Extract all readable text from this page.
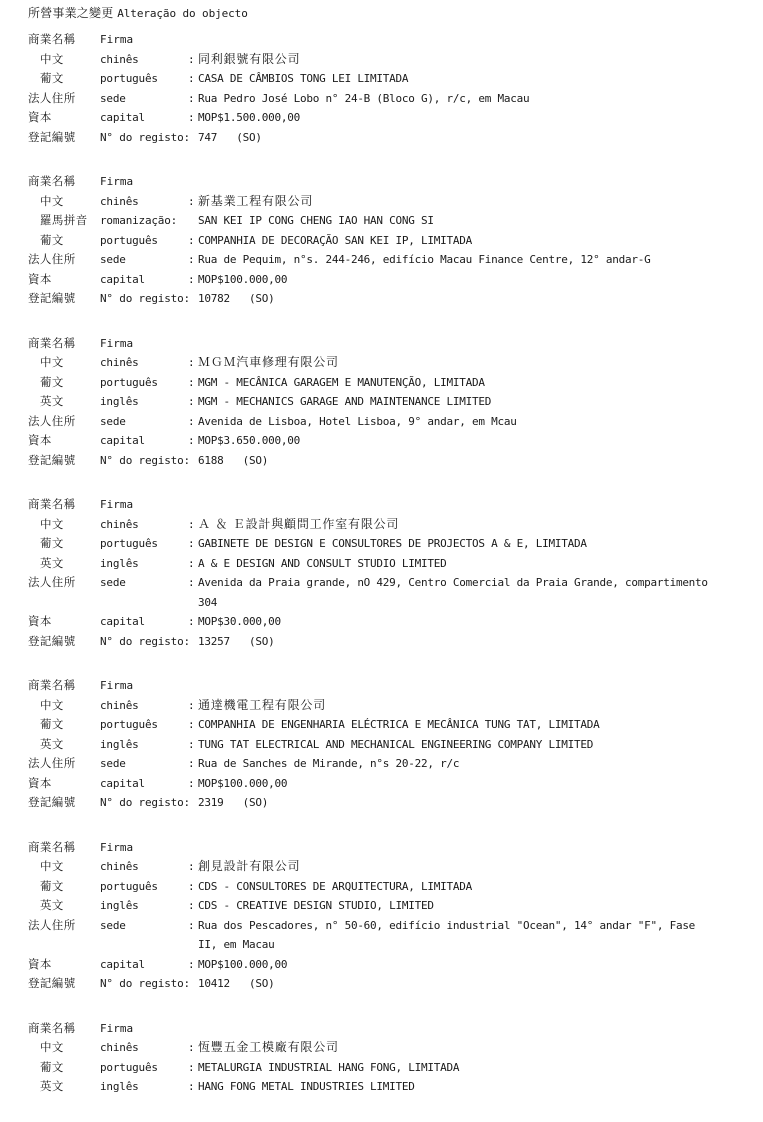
所營事業之變更 Alteração do objecto
商業名稱	Firma
中文	chinês	: 同利銀號有限公司
葡文	português	: CASA DE CÂMBIOS TONG LEI LIMITADA
法人住所	sede	: Rua Pedro José Lobo n° 24-B (Bloco G), r/c, em Macau
資本	capital	: MOP$1.500.000,00
登記編號	N° do registo: 747   (SO)
商業名稱	Firma
中文	chinês	: 新基業工程有限公司
羅馬拼音	romanização:	SAN KEI IP CONG CHENG IAO HAN CONG SI
葡文	português	: COMPANHIA DE DECORAÇÃO SAN KEI IP, LIMITADA
法人住所	sede	: Rua de Pequim, n°s. 244-246, edifício Macau Finance Centre, 12° andar-G
資本	capital	: MOP$100.000,00
登記編號	N° do registo: 10782   (SO)
商業名稱	Firma
中文	chinês	: ＭＧＭ汽車修理有限公司
葡文	português	: MGM - MECÂNICA GARAGEM E MANUTENÇÃO, LIMITADA
英文	inglês	: MGM - MECHANICS GARAGE AND MAINTENANCE LIMITED
法人住所	sede	: Avenida de Lisboa, Hotel Lisboa, 9° andar, em Mcau
資本	capital	: MOP$3.650.000,00
登記編號	N° do registo: 6188   (SO)
商業名稱	Firma
中文	chinês	: Ａ ＆ Ｅ設計與顧問工作室有限公司
葡文	português	: GABINETE DE DESIGN E CONSULTORES DE PROJECTOS A & E, LIMITADA
英文	inglês	: A & E DESIGN AND CONSULT STUDIO LIMITED
法人住所	sede	: Avenida da Praia grande, nO 429, Centro Comercial da Praia Grande, compartimento
304
資本	capital	: MOP$30.000,00
登記編號	N° do registo: 13257   (SO)
商業名稱	Firma
中文	chinês	: 通達機電工程有限公司
葡文	português	: COMPANHIA DE ENGENHARIA ELÉCTRICA E MECÂNICA TUNG TAT, LIMITADA
英文	inglês	: TUNG TAT ELECTRICAL AND MECHANICAL ENGINEERING COMPANY LIMITED
法人住所	sede	: Rua de Sanches de Mirande, n°s 20-22, r/c
資本	capital	: MOP$100.000,00
登記編號	N° do registo: 2319   (SO)
商業名稱	Firma
中文	chinês	: 創見設計有限公司
葡文	português	: CDS - CONSULTORES DE ARQUITECTURA, LIMITADA
英文	inglês	: CDS - CREATIVE DESIGN STUDIO, LIMITED
法人住所	sede	: Rua dos Pescadores, n° 50-60, edifício industrial "Ocean", 14° andar "F", Fase
II, em Macau
資本	capital	: MOP$100.000,00
登記編號	N° do registo: 10412   (SO)
商業名稱	Firma
中文	chinês	: 恆豐五金工模廠有限公司
葡文	português	: METALURGIA INDUSTRIAL HANG FONG, LIMITADA
英文	inglês	: HANG FONG METAL INDUSTRIES LIMITED
